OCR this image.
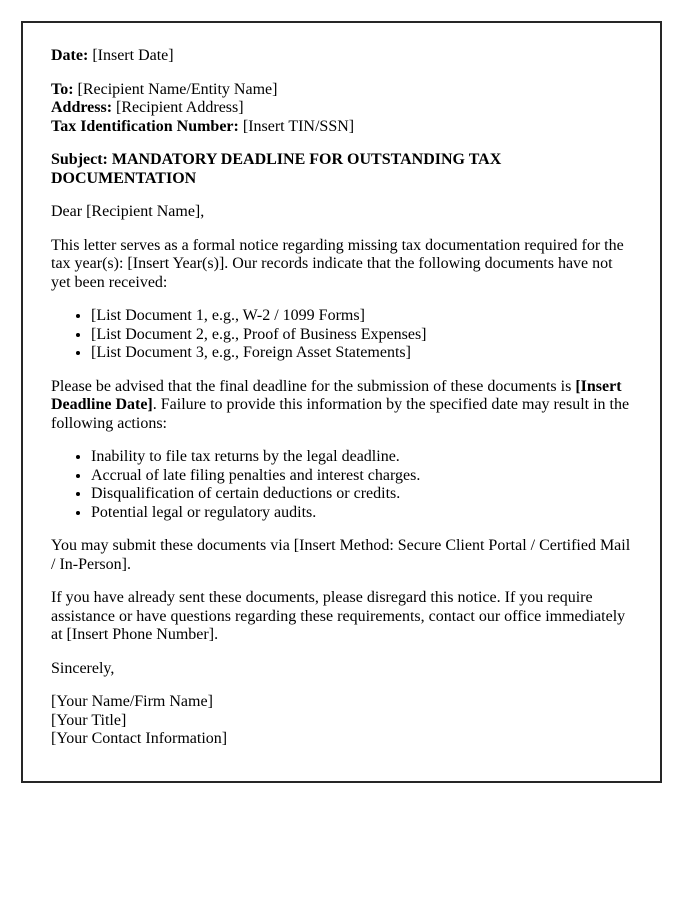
Date: [Insert Date]

To: [Recipient Name/Entity Name]
Address: [Recipient Address]
Tax Identification Number: [Insert TIN/SSN]

Subject: MANDATORY DEADLINE FOR OUTSTANDING TAX DOCUMENTATION

Dear [Recipient Name],

This letter serves as a formal notice regarding missing tax documentation required for the tax year(s): [Insert Year(s)]. Our records indicate that the following documents have not yet been received:

• [List Document 1, e.g., W-2 / 1099 Forms]
• [List Document 2, e.g., Proof of Business Expenses]
• [List Document 3, e.g., Foreign Asset Statements]

Please be advised that the final deadline for the submission of these documents is [Insert Deadline Date]. Failure to provide this information by the specified date may result in the following actions:

• Inability to file tax returns by the legal deadline.
• Accrual of late filing penalties and interest charges.
• Disqualification of certain deductions or credits.
• Potential legal or regulatory audits.

You may submit these documents via [Insert Method: Secure Client Portal / Certified Mail / In-Person].

If you have already sent these documents, please disregard this notice. If you require assistance or have questions regarding these requirements, contact our office immediately at [Insert Phone Number].

Sincerely,

[Your Name/Firm Name]
[Your Title]
[Your Contact Information]
